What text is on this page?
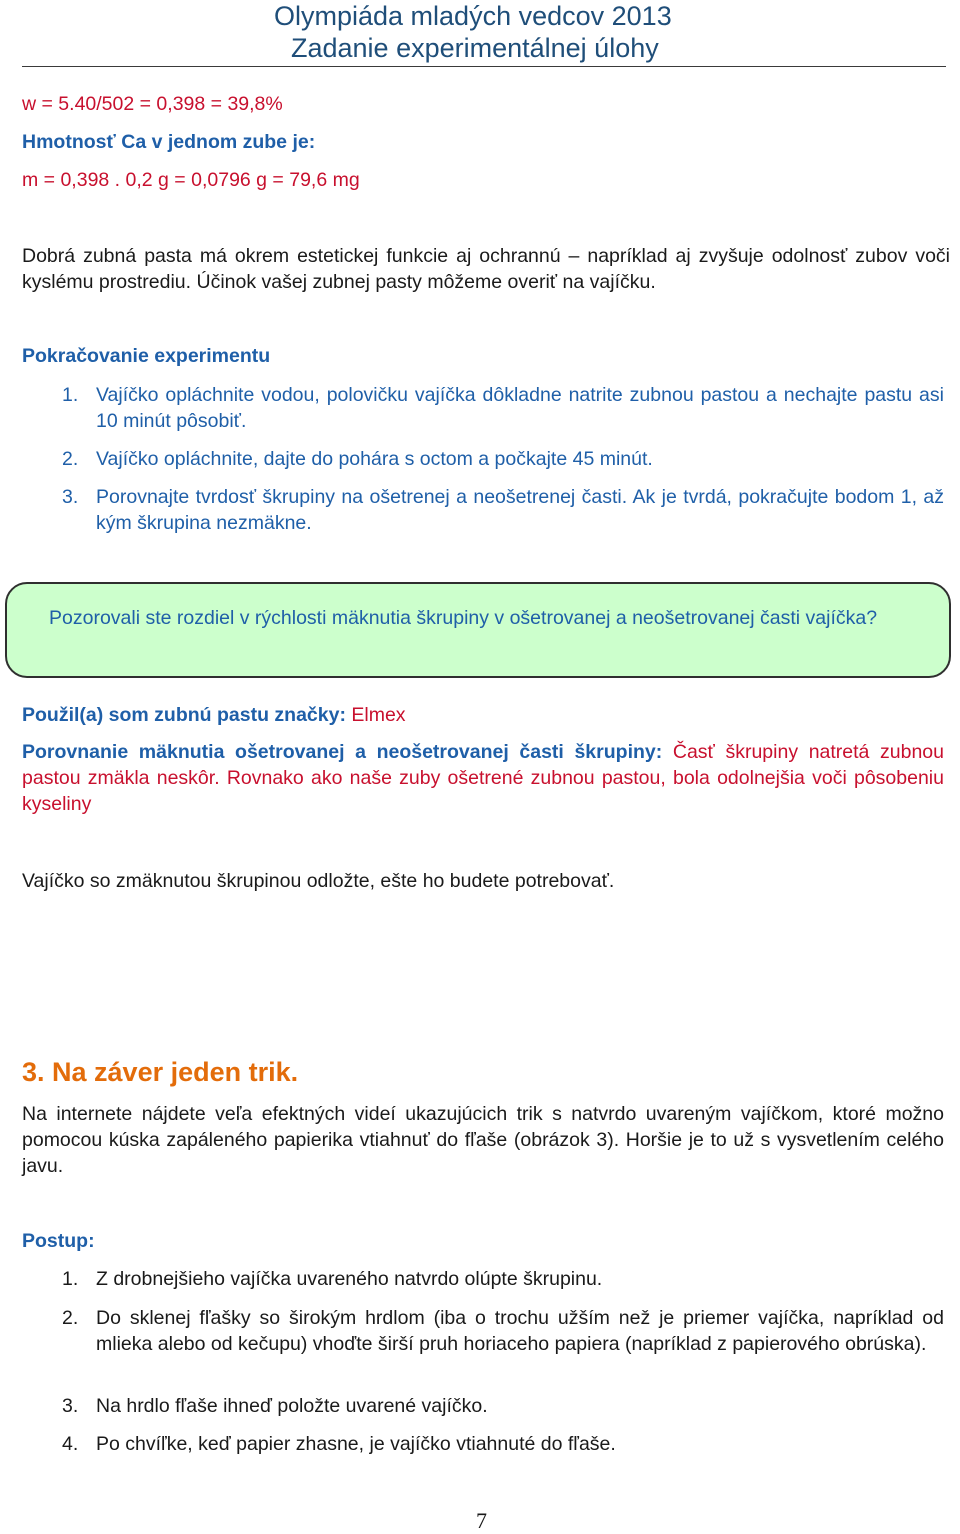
Olympiáda mladých vedcov 2013
Zadanie experimentálnej úlohy
w = 5.40/502 = 0,398 = 39,8%
Hmotnosť Ca v jednom zube je:
m = 0,398 . 0,2 g = 0,0796 g = 79,6 mg
Dobrá zubná pasta má okrem estetickej funkcie aj ochrannú – napríklad aj zvyšuje odolnosť zubov voči kyslému prostrediu. Účinok vašej zubnej pasty môžeme overiť na vajíčku.
Pokračovanie experimentu
1. Vajíčko opláchnite vodou, polovičku vajíčka dôkladne natrite zubnou pastou a nechajte pastu asi 10 minút pôsobiť.
2. Vajíčko opláchnite, dajte do pohára s octom a počkajte 45 minút.
3. Porovnajte tvrdosť škrupiny na ošetrenej a neošetrenej časti. Ak je tvrdá, pokračujte bodom 1, až kým škrupina nezmäkne.
Pozorovali ste rozdiel v rýchlosti mäknutia škrupiny v ošetrovanej a neošetrovanej časti vajíčka?
Použil(a) som zubnú pastu značky: Elmex
Porovnanie mäknutia ošetrovanej a neošetrovanej časti škrupiny: Časť škrupiny natretá zubnou pastou zmäkla neskôr. Rovnako ako naše zuby ošetrené zubnou pastou, bola odolnejšia voči pôsobeniu kyseliny
Vajíčko so zmäknutou škrupinou odložte, ešte ho budete potrebovať.
3. Na záver jeden trik.
Na internete nájdete veľa efektných videí ukazujúcich trik s natvrdo uvareným vajíčkom, ktoré možno pomocou kúska zapáleného papierika vtiahnuť do fľaše (obrázok 3). Horšie je to už s vysvetlením celého javu.
Postup:
1. Z drobnejšieho vajíčka uvareného natvrdo olúpte škrupinu.
2. Do sklenej fľašky so širokým hrdlom (iba o trochu užším než je priemer vajíčka, napríklad od mlieka alebo od kečupu) vhoďte širší pruh horiaceho papiera (napríklad z papierového obrúska).
3. Na hrdlo fľaše ihneď položte uvarené vajíčko.
4. Po chvíľke, keď papier zhasne, je vajíčko vtiahnuté do fľaše.
7
